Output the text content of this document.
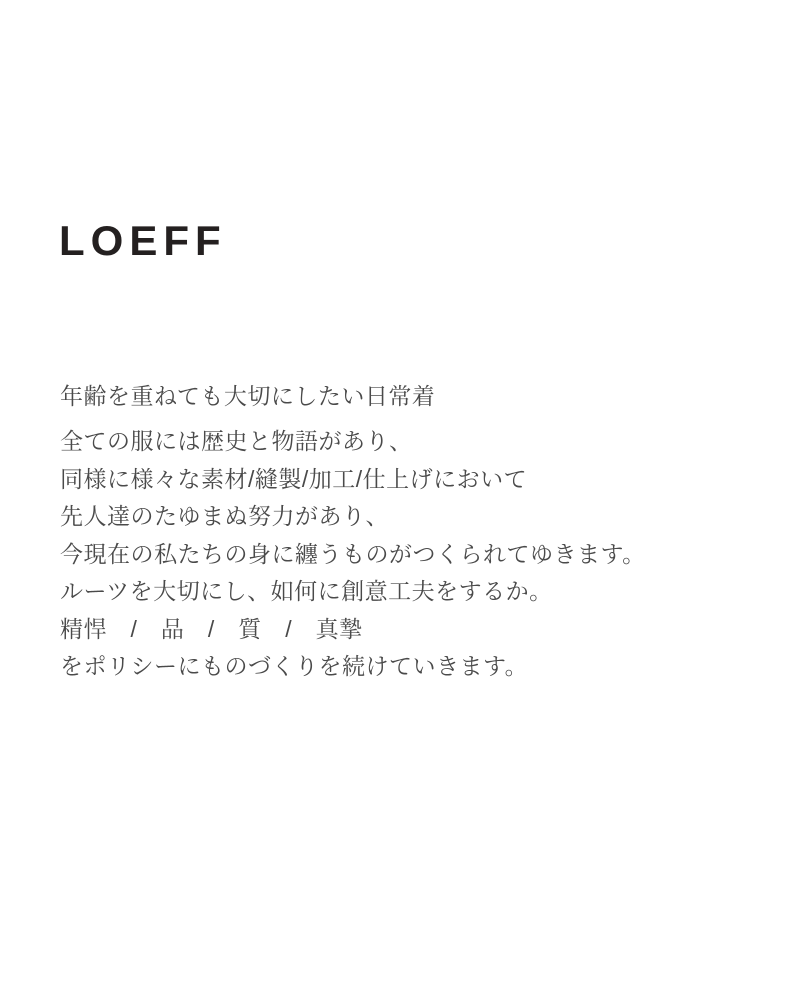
LOEFF

年齢を重ねても大切にしたい日常着

全ての服には歴史と物語があり、
同様に様々な素材/縫製/加工/仕上げにおいて
先人達のたゆまぬ努力があり、
今現在の私たちの身に纏うものがつくられてゆきます。
ルーツを大切にし、如何に創意工夫をするか。
精悍　/　品　/　質　/　真摯
をポリシーにものづくりを続けていきます。
